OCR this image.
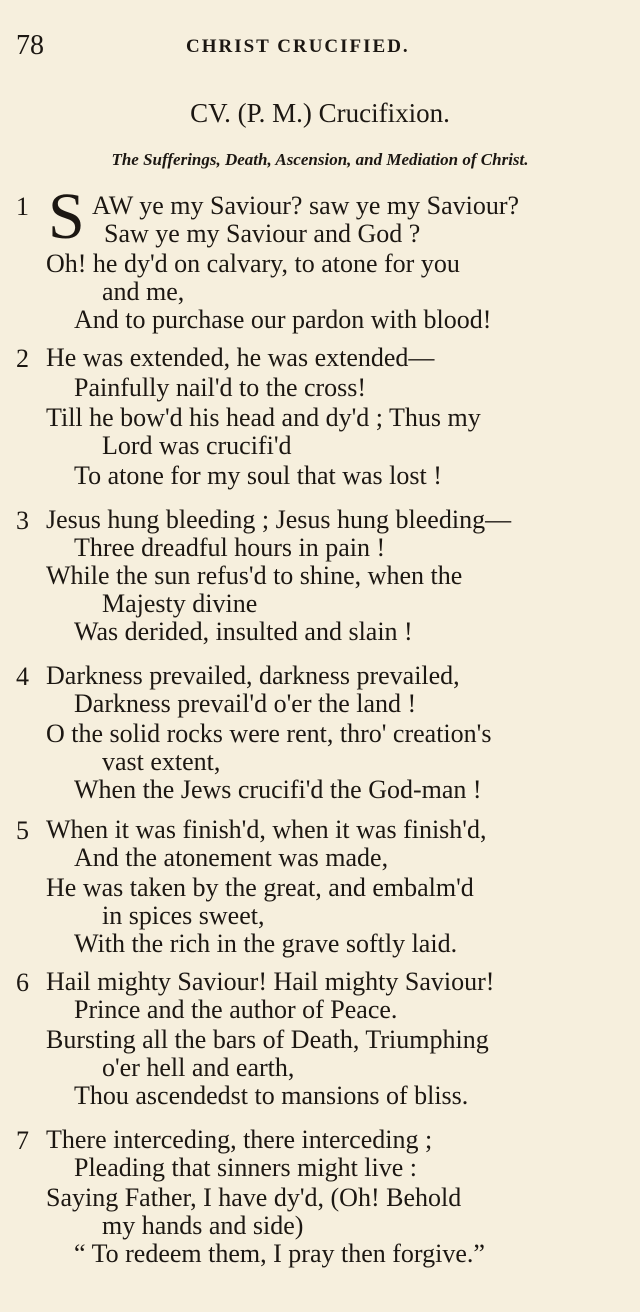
78	CHRIST CRUCIFIED.
CV. (P. M.) Crucifixion.
The Sufferings, Death, Ascension, and Mediation of Christ.
1 S AW ye my Saviour? saw ye my Saviour?
Saw ye my Saviour and God ?
Oh! he dy'd on calvary, to atone for you
and me,
And to purchase our pardon with blood!
2 He was extended, he was extended—
Painfully nail'd to the cross!
Till he bow'd his head and dy'd ; Thus my
Lord was crucifi'd
To atone for my soul that was lost !
3 Jesus hung bleeding ; Jesus hung bleeding—
Three dreadful hours in pain !
While the sun refus'd to shine, when the
Majesty divine
Was derided, insulted and slain !
4 Darkness prevailed, darkness prevailed,
Darkness prevail'd o'er the land !
O the solid rocks were rent, thro' creation's
vast extent,
When the Jews crucifi'd the God-man !
5 When it was finish'd, when it was finish'd,
And the atonement was made,
He was taken by the great, and embalm'd
in spices sweet,
With the rich in the grave softly laid.
6 Hail mighty Saviour! Hail mighty Saviour!
Prince and the author of Peace.
Bursting all the bars of Death, Triumphing
o'er hell and earth,
Thou ascendedst to mansions of bliss.
7 There interceding, there interceding ;
Pleading that sinners might live :
Saying Father, I have dy'd, (Oh! Behold
my hands and side)
“ To redeem them, I pray then forgive.”
